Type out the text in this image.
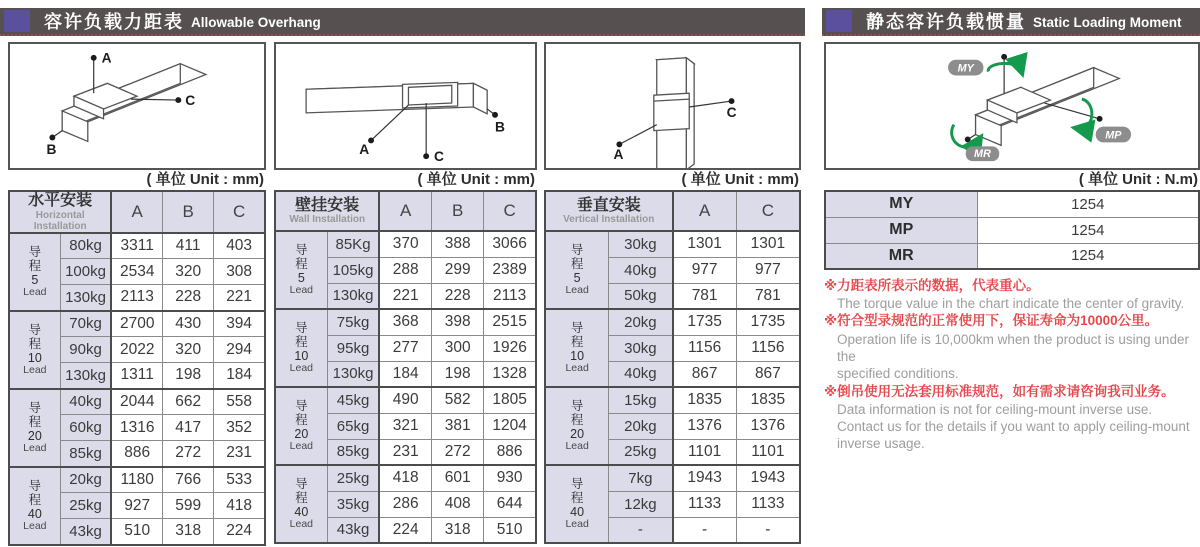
容许负载力距表 Allowable Overhang	静态容许负载惯量 Static Loading Moment
A
C
B
( 单位 Unit : mm)
水平安装
Horizontal Installation		A	B	C

导
程
5
Lead	80kg	3311	411	403
	100kg	2534	320	308
	130kg	2113	228	221

导
程
10
Lead	70kg	2700	430	394
	90kg	2022	320	294
	130kg	1311	198	184

导
程
20
Lead	40kg	2044	662	558
	60kg	1316	417	352
	85kg	886	272	231

导
程
40
Lead	20kg	1180	766	533
	25kg	927	599	418
	43kg	510	318	224
A	C
B
( 单位 Unit : mm)
壁挂安装
Wall Installation		A	B	C

导
程
5
Lead	85Kg	370	388	3066
	105kg	288	299	2389
	130kg	221	228	2113

导
程
10
Lead	75kg	368	398	2515
	95kg	277	300	1926
	130kg	184	198	1328

导
程
20
Lead	45kg	490	582	1805
	65kg	321	381	1204
	85kg	231	272	886

导
程
40
Lead	25kg	418	601	930
	35kg	286	408	644
	43kg	224	318	510
A
C
( 单位 Unit : mm)
垂直安装
Vertical Installation		A	C

导
程
5
Lead	30kg	1301	1301
	40kg	977	977
	50kg	781	781

导
程
10
Lead	20kg	1735	1735
	30kg	1156	1156
	40kg	867	867

导
程
20
Lead	15kg	1835	1835
	20kg	1376	1376
	25kg	1101	1101

导
程
40
Lead	7kg	1943	1943
	12kg	1133	1133
	-	-	-
MY
MP
MR
( 单位 Unit : N.m)
MY	1254
MP	1254
MR	1254
※力距表所表示的数据，代表重心。
The torque value in the chart indicate the center of gravity.
※符合型录规范的正常使用下，保证寿命为10000公里。
Operation life is 10,000km when the product is using under the
specified conditions.
※倒吊使用无法套用标准规范，如有需求请咨询我司业务。
Data information is not for ceiling-mount inverse use.
Contact us for the details if you want to apply ceiling-mount
inverse usage.
